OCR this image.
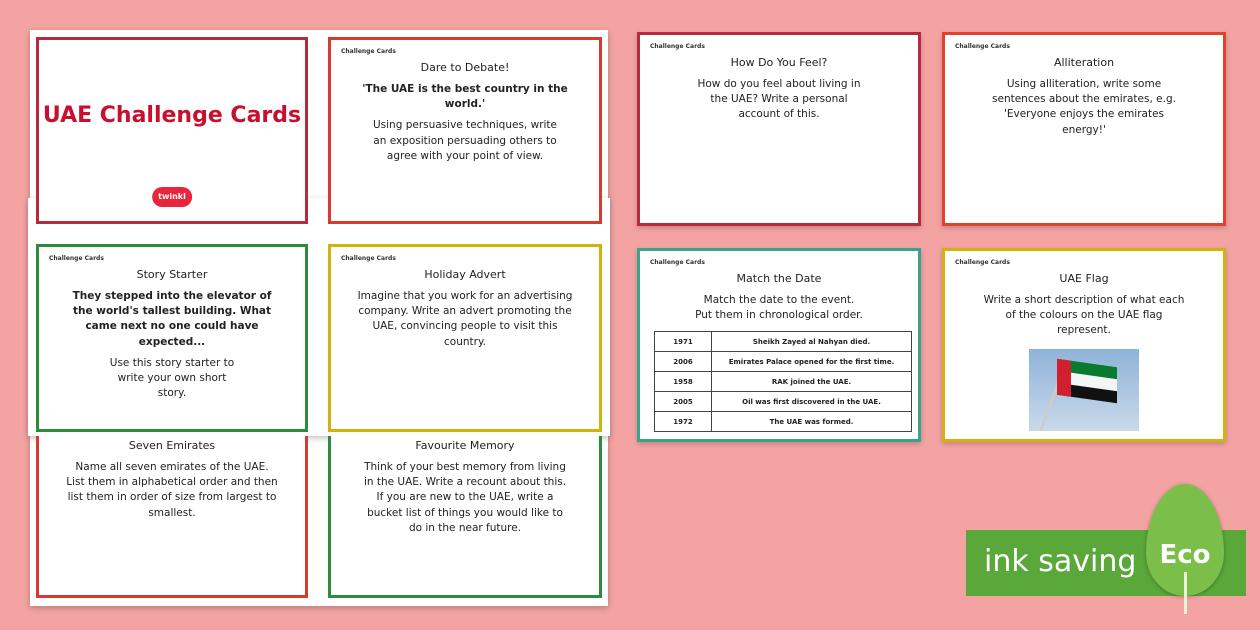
UAE Challenge Cards
twinkl
Challenge Cards
Dare to Debate!
'The UAE is the best country in the world.'

Using persuasive techniques, write an exposition persuading others to agree with your point of view.

Challenge Cards
Story Starter
They stepped into the elevator of the world's tallest building. What came next no one could have expected...

Use this story starter to write your own short story.

Challenge Cards
Holiday Advert

Imagine that you work for an advertising company. Write an advert promoting the UAE, convincing people to visit this country.

Seven Emirates

Name all seven emirates of the UAE. List them in alphabetical order and then list them in order of size from largest to smallest.

Favourite Memory

Think of your best memory from living in the UAE. Write a recount about this. If you are new to the UAE, write a bucket list of things you would like to do in the near future.

Challenge Cards
How Do You Feel?

How do you feel about living in the UAE? Write a personal account of this.

Challenge Cards
Alliteration

Using alliteration, write some sentences about the emirates, e.g. 'Everyone enjoys the emirates energy!'

Challenge Cards
Match the Date

Match the date to the event. Put them in chronological order.

1971	Sheikh Zayed al Nahyan died.
2006	Emirates Palace opened for the first time.
1958	RAK joined the UAE.
2005	Oil was first discovered in the UAE.
1972	The UAE was formed.
Challenge Cards
UAE Flag

Write a short description of what each of the colours on the UAE flag represent.

ink saving Eco
